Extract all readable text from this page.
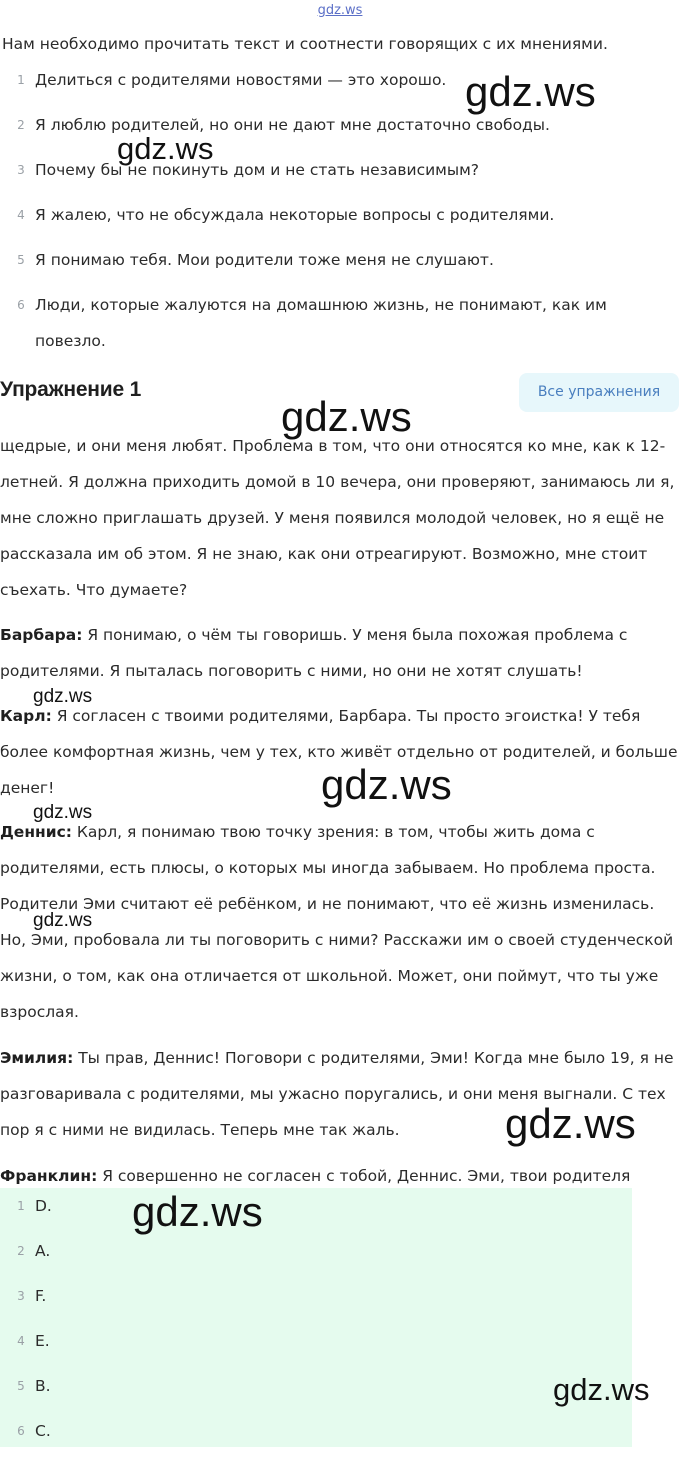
gdz.ws
Нам необходимо прочитать текст и соотнести говорящих с их мнениями.
1 Делиться с родителями новостями — это хорошо.
2 Я люблю родителей, но они не дают мне достаточно свободы.
3 Почему бы не покинуть дом и не стать независимым?
4 Я жалею, что не обсуждала некоторые вопросы с родителями.
5 Я понимаю тебя. Мои родители тоже меня не слушают.
6 Люди, которые жалуются на домашнюю жизнь, не понимают, как им повезло.
Упражнение 1	Все упражнения
щедрые, и они меня любят. Проблема в том, что они относятся ко мне, как к 12-летней. Я должна приходить домой в 10 вечера, они проверяют, занимаюсь ли я, мне сложно приглашать друзей. У меня появился молодой человек, но я ещё не рассказала им об этом. Я не знаю, как они отреагируют. Возможно, мне стоит съехать. Что думаете?
Барбара: Я понимаю, о чём ты говоришь. У меня была похожая проблема с родителями. Я пыталась поговорить с ними, но они не хотят слушать!
Карл: Я согласен с твоими родителями, Барбара. Ты просто эгоистка! У тебя более комфортная жизнь, чем у тех, кто живёт отдельно от родителей, и больше денег!
Деннис: Карл, я понимаю твою точку зрения: в том, чтобы жить дома с родителями, есть плюсы, о которых мы иногда забываем. Но проблема проста. Родители Эми считают её ребёнком, и не понимают, что её жизнь изменилась. Но, Эми, пробовала ли ты поговорить с ними? Расскажи им о своей студенческой жизни, о том, как она отличается от школьной. Может, они поймут, что ты уже взрослая.
Эмилия: Ты прав, Деннис! Поговори с родителями, Эми! Когда мне было 19, я не разговаривала с родителями, мы ужасно поругались, и они меня выгнали. С тех пор я с ними не видилась. Теперь мне так жаль.
Франклин: Я совершенно не согласен с тобой, Деннис. Эми, твои родителя
1 D.
2 A.
3 F.
4 E.
5 B.
6 C.
gdz.ws
gdz.ws
gdz.ws
gdz.ws
gdz.ws
gdz.ws
gdz.ws
gdz.ws
gdz.ws
gdz.ws
